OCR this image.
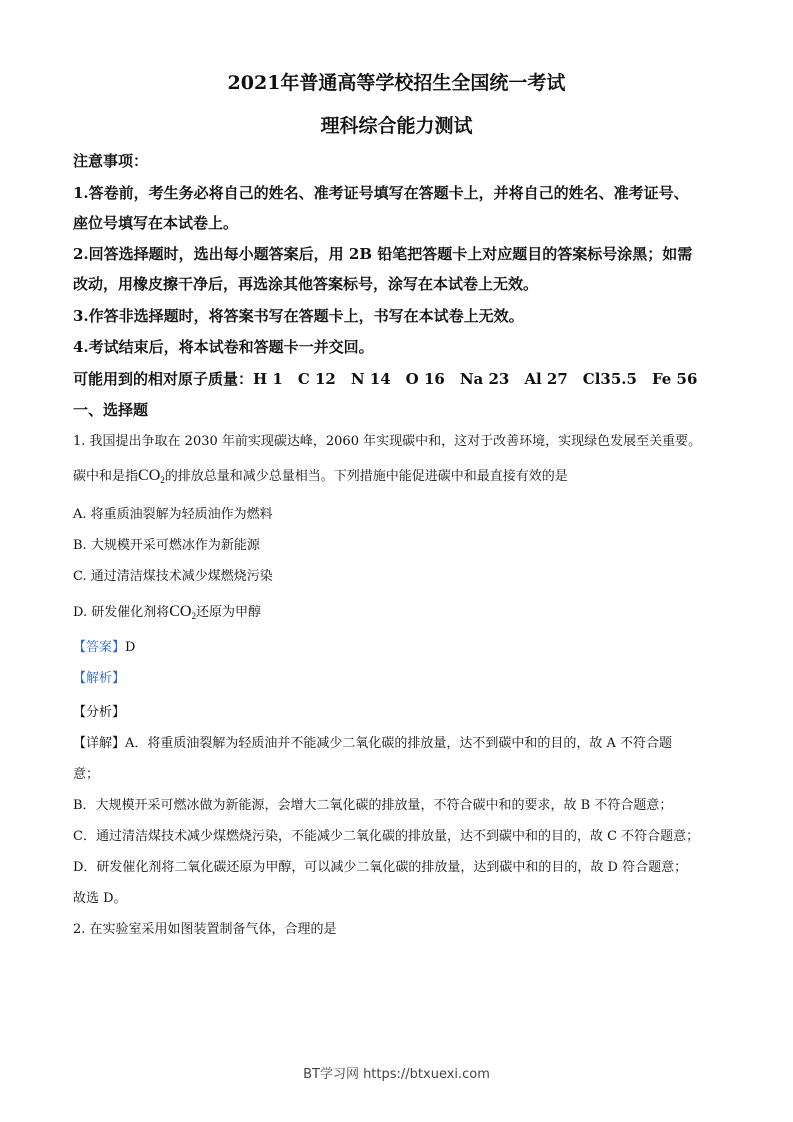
2021年普通高等学校招生全国统一考试
理科综合能力测试
注意事项：
1.答卷前，考生务必将自己的姓名、准考证号填写在答题卡上，并将自己的姓名、准考证号、
座位号填写在本试卷上。
2.回答选择题时，选出每小题答案后，用 2B 铅笔把答题卡上对应题目的答案标号涂黑；如需
改动，用橡皮擦干净后，再选涂其他答案标号，涂写在本试卷上无效。
3.作答非选择题时，将答案书写在答题卡上，书写在本试卷上无效。
4.考试结束后，将本试卷和答题卡一并交回。
可能用到的相对原子质量：H 1　C 12　N 14　O 16　Na 23　Al 27　Cl35.5　Fe 56
一、选择题
1. 我国提出争取在 2030 年前实现碳达峰，2060 年实现碳中和，这对于改善环境，实现绿色发展至关重要。
碳中和是指$CO_2$的排放总量和减少总量相当。下列措施中能促进碳中和最直接有效的是
A. 将重质油裂解为轻质油作为燃料
B. 大规模开采可燃冰作为新能源
C. 通过清洁煤技术减少煤燃烧污染
D. 研发催化剂将$CO_2$还原为甲醇
【答案】D
【解析】
【分析】
【详解】A．将重质油裂解为轻质油并不能减少二氧化碳的排放量，达不到碳中和的目的，故 A 不符合题
意；
B．大规模开采可燃冰做为新能源，会增大二氧化碳的排放量，不符合碳中和的要求，故 B 不符合题意；
C．通过清洁煤技术减少煤燃烧污染，不能减少二氧化碳的排放量，达不到碳中和的目的，故 C 不符合题意；
D．研发催化剂将二氧化碳还原为甲醇，可以减少二氧化碳的排放量，达到碳中和的目的，故 D 符合题意；
故选 D。
2. 在实验室采用如图装置制备气体，合理的是
BT学习网 https://btxuexi.com
